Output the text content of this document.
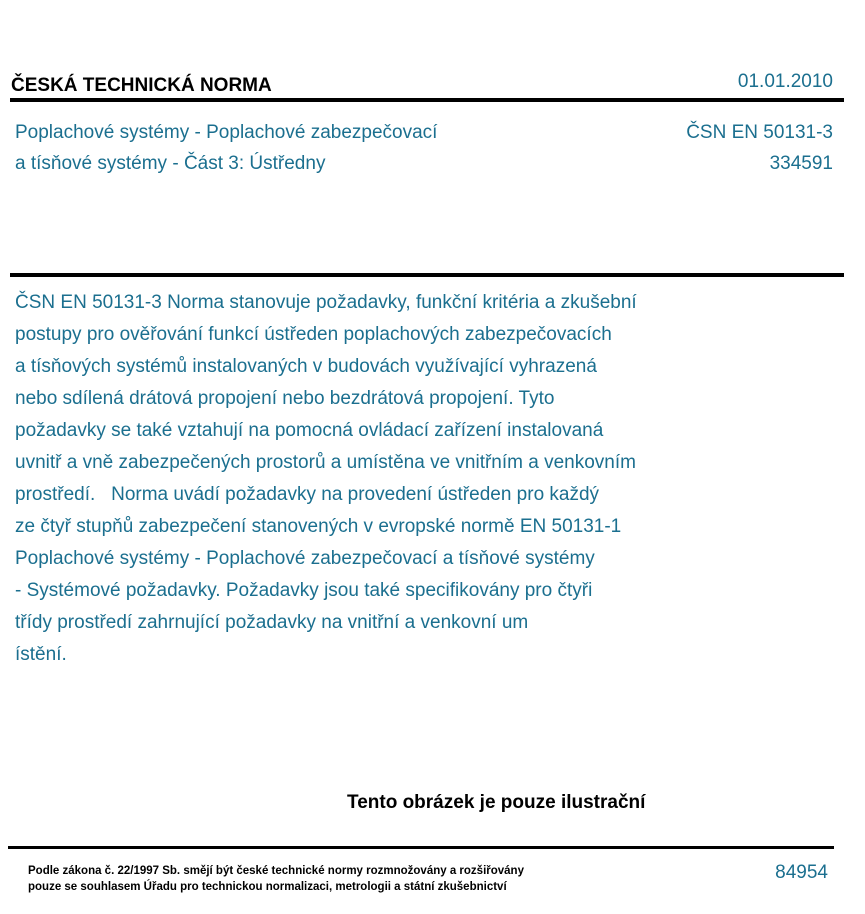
ČESKÁ TECHNICKÁ NORMA	01.01.2010
Poplachové systémy - Poplachové zabezpečovací
a tísňové systémy - Část 3: Ústředny
ČSN EN 50131-3
334591
ČSN EN 50131-3 Norma stanovuje požadavky, funkční kritéria a zkušební
postupy pro ověřování funkcí ústředen poplachových zabezpečovacích
a tísňových systémů instalovaných v budovách využívající vyhrazená
nebo sdílená drátová propojení nebo bezdrátová propojení. Tyto
požadavky se také vztahují na pomocná ovládací zařízení instalovaná
uvnitř a vně zabezpečených prostorů a umístěna ve vnitřním a venkovním
prostředí.   Norma uvádí požadavky na provedení ústředen pro každý
ze čtyř stupňů zabezpečení stanovených v evropské normě EN 50131-1
Poplachové systémy - Poplachové zabezpečovací a tísňové systémy
- Systémové požadavky. Požadavky jsou také specifikovány pro čtyři
třídy prostředí zahrnující požadavky na vnitřní a venkovní um
ístění.
Tento obrázek je pouze ilustrační
Podle zákona č. 22/1997 Sb. smějí být české technické normy rozmnožovány a rozšiřovány
pouze se souhlasem Úřadu pro technickou normalizaci, metrologii a státní zkušebnictví
84954
